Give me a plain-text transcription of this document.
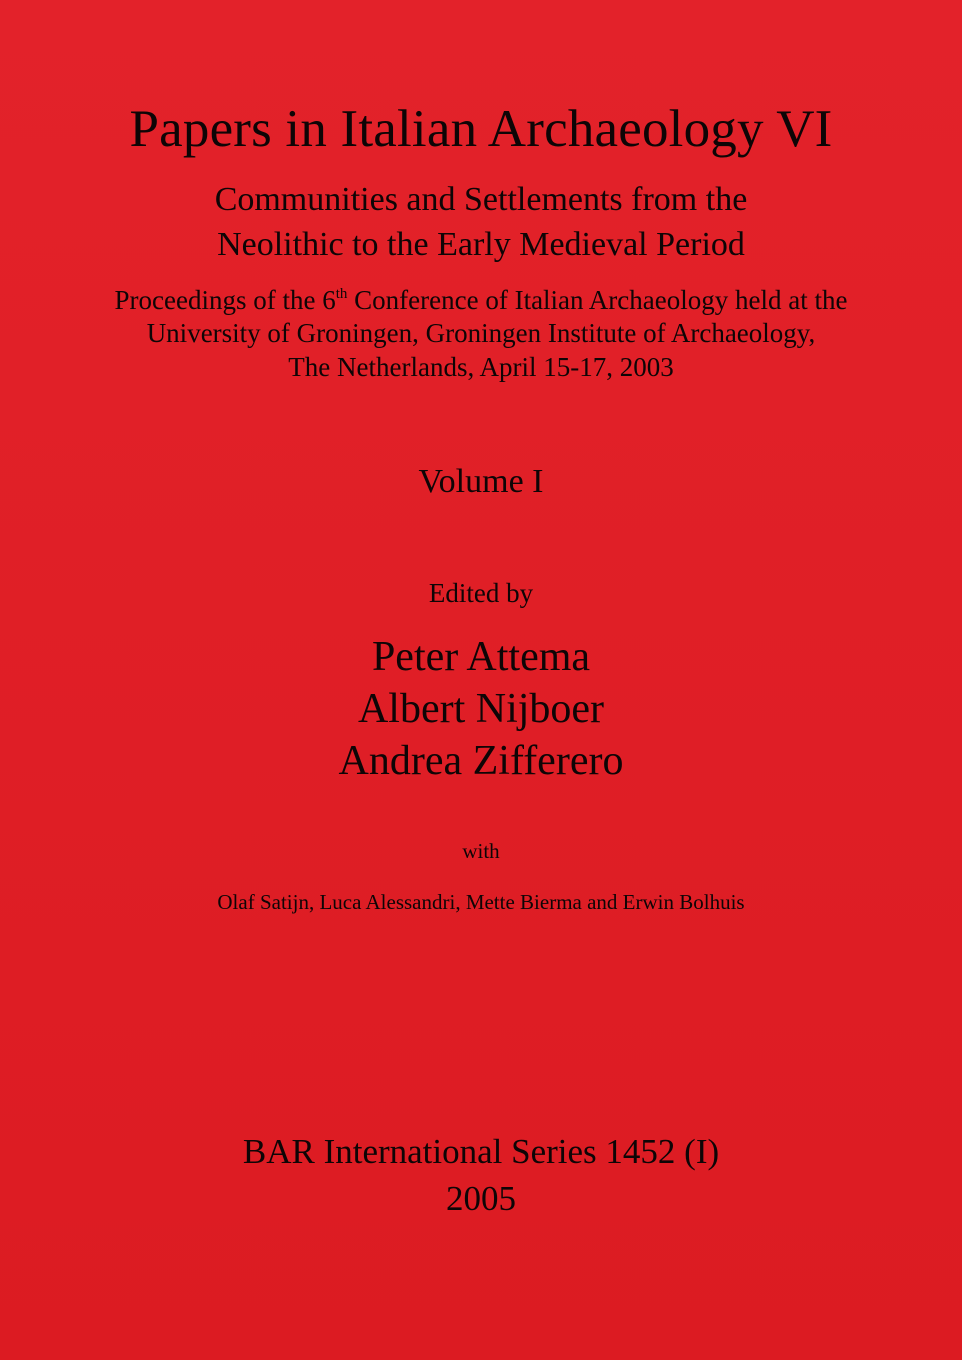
Papers in Italian Archaeology VI
Communities and Settlements from the
Neolithic to the Early Medieval Period
Proceedings of the 6th Conference of Italian Archaeology held at the
University of Groningen, Groningen Institute of Archaeology,
The Netherlands, April 15-17, 2003
Volume I
Edited by
Peter Attema
Albert Nijboer
Andrea Zifferero
with
Olaf Satijn, Luca Alessandri, Mette Bierma and Erwin Bolhuis
BAR International Series 1452 (I)
2005
